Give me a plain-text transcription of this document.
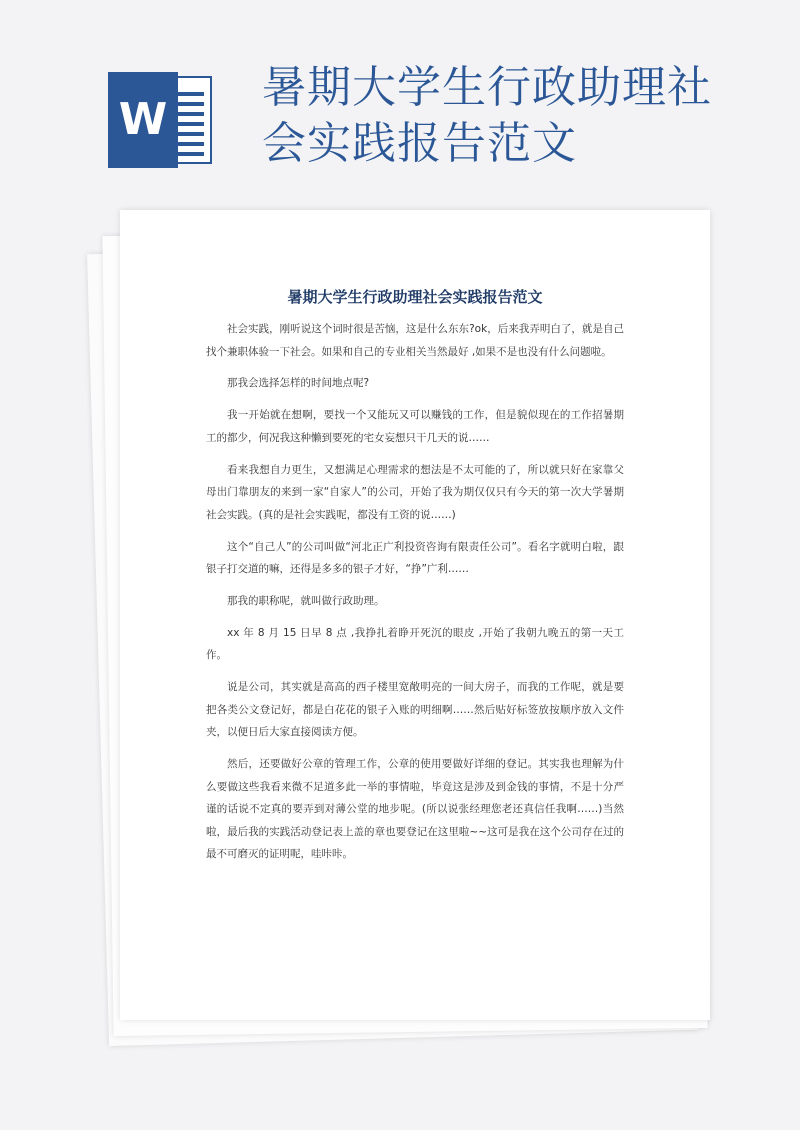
W
暑期大学生行政助理社会实践报告范文
暑期大学生行政助理社会实践报告范文

社会实践，刚听说这个词时很是苦恼，这是什么东东?ok，后来我弄明白了，就是自己找个兼职体验一下社会。如果和自己的专业相关当然最好 ,如果不是也没有什么问题啦。

那我会选择怎样的时间地点呢?

我一开始就在想啊，要找一个又能玩又可以赚钱的工作，但是貌似现在的工作招暑期工的都少，何况我这种懒到要死的宅女妄想只干几天的说……

看来我想自力更生，又想满足心理需求的想法是不太可能的了，所以就只好在家靠父母出门靠朋友的来到一家“自家人”的公司，开始了我为期仅仅只有今天的第一次大学暑期社会实践。(真的是社会实践呢，都没有工资的说……)

这个“自己人”的公司叫做“河北正广利投资咨询有限责任公司”。看名字就明白啦，跟银子打交道的嘛，还得是多多的银子才好，“挣”广利……

那我的职称呢，就叫做行政助理。

xx 年 8 月 15 日早 8 点 ,我挣扎着睁开死沉的眼皮 ,开始了我朝九晚五的第一天工作。

说是公司，其实就是高高的西子楼里宽敞明亮的一间大房子，而我的工作呢，就是要把各类公文登记好，都是白花花的银子入账的明细啊……然后贴好标签放按顺序放入文件夹，以便日后大家直接阅读方便。

然后，还要做好公章的管理工作，公章的使用要做好详细的登记。其实我也理解为什么要做这些我看来微不足道多此一举的事情啦，毕竟这是涉及到金钱的事情，不是十分严谨的话说不定真的要弄到对薄公堂的地步呢。(所以说张经理您老还真信任我啊……)当然啦，最后我的实践活动登记表上盖的章也要登记在这里啦~~这可是我在这个公司存在过的最不可磨灭的证明呢，哇咔咔。
